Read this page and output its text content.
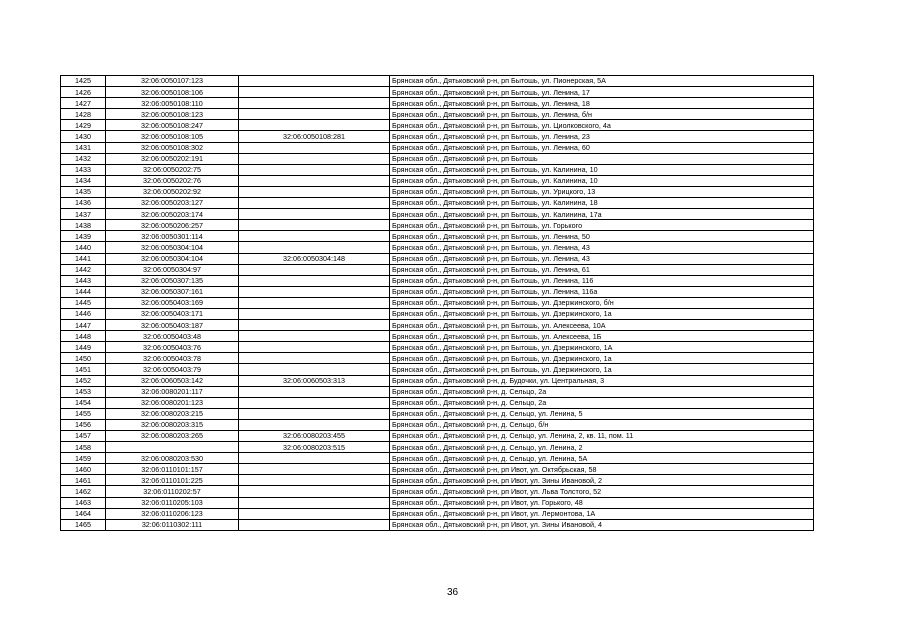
1425	32:06:0050107:123		Брянская обл., Дятьковский р-н, рп Бытошь, ул. Пионерская, 5А
1426	32:06:0050108:106		Брянская обл., Дятьковский р-н, рп Бытошь, ул. Ленина, 17
1427	32:06:0050108:110		Брянская обл., Дятьковский р-н, рп Бытошь, ул. Ленина, 18
1428	32:06:0050108:123		Брянская обл., Дятьковский р-н, рп Бытошь, ул. Ленина, б/н
1429	32:06:0050108:247		Брянская обл., Дятьковский р-н, рп Бытошь, ул. Циолковского, 4а
1430	32:06:0050108:105	32:06:0050108:281	Брянская обл., Дятьковский р-н, рп Бытошь, ул. Ленина, 23
1431	32:06:0050108:302		Брянская обл., Дятьковский р-н, рп Бытошь, ул. Ленина, 60
1432	32:06:0050202:191		Брянская обл., Дятьковский р-н, рп Бытошь
1433	32:06:0050202:75		Брянская обл., Дятьковский р-н, рп Бытошь, ул. Калинина, 10
1434	32:06:0050202:76		Брянская обл., Дятьковский р-н, рп Бытошь, ул. Калинина, 10
1435	32:06:0050202:92		Брянская обл., Дятьковский р-н, рп Бытошь, ул. Урицкого, 13
1436	32:06:0050203:127		Брянская обл., Дятьковский р-н, рп Бытошь, ул. Калинина, 18
1437	32:06:0050203:174		Брянская обл., Дятьковский р-н, рп Бытошь, ул. Калинина, 17а
1438	32:06:0050206:257		Брянская обл., Дятьковский р-н, рп Бытошь, ул. Горького
1439	32:06:0050301:114		Брянская обл., Дятьковский р-н, рп Бытошь, ул. Ленина, 50
1440	32:06:0050304:104		Брянская обл., Дятьковский р-н, рп Бытошь, ул. Ленина, 43
1441	32:06:0050304:104	32:06:0050304:148	Брянская обл., Дятьковский р-н, рп Бытошь, ул. Ленина, 43
1442	32:06:0050304:97		Брянская обл., Дятьковский р-н, рп Бытошь, ул. Ленина, 61
1443	32:06:0050307:135		Брянская обл., Дятьковский р-н, рп Бытошь, ул. Ленина, 116
1444	32:06:0050307:161		Брянская обл., Дятьковский р-н, рп Бытошь, ул. Ленина, 116а
1445	32:06:0050403:169		Брянская обл., Дятьковский р-н, рп Бытошь, ул. Дзержинского, б/н
1446	32:06:0050403:171		Брянская обл., Дятьковский р-н, рп Бытошь, ул. Дзержинского, 1а
1447	32:06:0050403:187		Брянская обл., Дятьковский р-н, рп Бытошь, ул. Алексеева, 10А
1448	32:06:0050403:48		Брянская обл., Дятьковский р-н, рп Бытошь, ул. Алексеева, 1Б
1449	32:06:0050403:76		Брянская обл., Дятьковский р-н, рп Бытошь, ул. Дзержинского, 1А
1450	32:06:0050403:78		Брянская обл., Дятьковский р-н, рп Бытошь, ул. Дзержинского, 1а
1451	32:06:0050403:79		Брянская обл., Дятьковский р-н, рп Бытошь, ул. Дзержинского, 1а
1452	32:06:0060503:142	32:06:0060503:313	Брянская обл., Дятьковский р-н, д. Будочки, ул. Центральная, 3
1453	32:06:0080201:117		Брянская обл., Дятьковский р-н, д. Сельцо, 2а
1454	32:06:0080201:123		Брянская обл., Дятьковский р-н, д. Сельцо, 2а
1455	32:06:0080203:215		Брянская обл., Дятьковский р-н, д. Сельцо, ул. Ленина, 5
1456	32:06:0080203:315		Брянская обл., Дятьковский р-н, д. Сельцо, б/н
1457	32:06:0080203:265	32:06:0080203:455	Брянская обл., Дятьковский р-н, д. Сельцо, ул. Ленина, 2, кв. 11, пом. 11
1458		32:06:0080203:515	Брянская обл., Дятьковский р-н, д. Сельцо, ул. Ленина, 2
1459	32:06:0080203:530		Брянская обл., Дятьковский р-н, д. Сельцо, ул. Ленина, 5А
1460	32:06:0110101:157		Брянская обл., Дятьковский р-н, рп Ивот, ул. Октябрьская, 58
1461	32:06:0110101:225		Брянская обл., Дятьковский р-н, рп Ивот, ул. Зины Ивановой, 2
1462	32:06:0110202:57		Брянская обл., Дятьковский р-н, рп Ивот, ул. Льва Толстого, 52
1463	32:06:0110205:103		Брянская обл., Дятьковский р-н, рп Ивот, ул. Горького, 48
1464	32:06:0110206:123		Брянская обл., Дятьковский р-н, рп Ивот, ул. Лермонтова, 1А
1465	32:06:0110302:111		Брянская обл., Дятьковский р-н, рп Ивот, ул. Зины Ивановой, 4
36
